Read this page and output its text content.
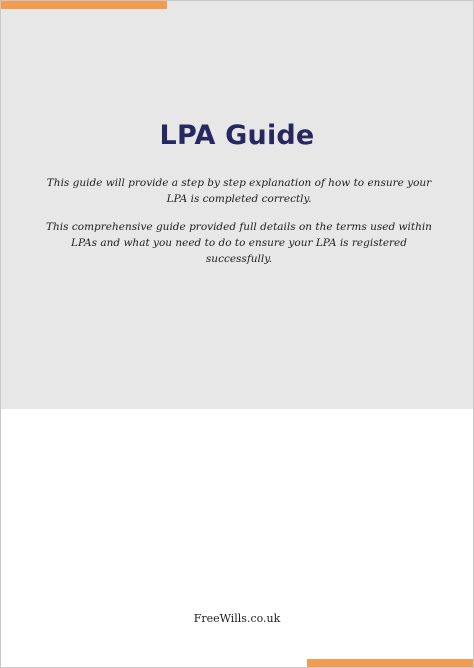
LPA Guide
This guide will provide a step by step explanation of how to ensure your LPA is completed correctly.
This comprehensive guide provided full details on the terms used within LPAs and what you need to do to ensure your LPA is registered successfully.
FreeWills.co.uk
